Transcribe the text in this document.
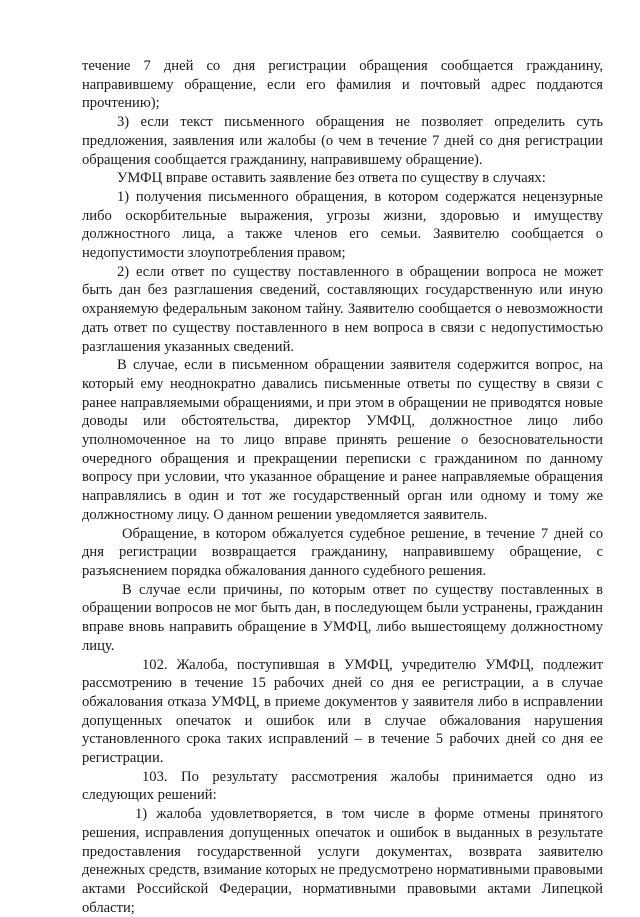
течение 7 дней со дня регистрации обращения сообщается гражданину, направившему обращение, если его фамилия и почтовый адрес поддаются прочтению);

3) если текст письменного обращения не позволяет определить суть предложения, заявления или жалобы (о чем в течение 7 дней со дня регистрации обращения сообщается гражданину, направившему обращение).

УМФЦ вправе оставить заявление без ответа по существу в случаях:

1) получения письменного обращения, в котором содержатся нецензурные либо оскорбительные выражения, угрозы жизни, здоровью и имуществу должностного лица, а также членов его семьи. Заявителю сообщается о недопустимости злоупотребления правом;

2) если ответ по существу поставленного в обращении вопроса не может быть дан без разглашения сведений, составляющих государственную или иную охраняемую федеральным законом тайну. Заявителю сообщается о невозможности дать ответ по существу поставленного в нем вопроса в связи с недопустимостью разглашения указанных сведений.

В случае, если в письменном обращении заявителя содержится вопрос, на который ему неоднократно давались письменные ответы по существу в связи с ранее направляемыми обращениями, и при этом в обращении не приводятся новые доводы или обстоятельства, директор УМФЦ, должностное лицо либо уполномоченное на то лицо вправе принять решение о безосновательности очередного обращения и прекращении переписки с гражданином по данному вопросу при условии, что указанное обращение и ранее направляемые обращения направлялись в один и тот же государственный орган или одному и тому же должностному лицу. О данном решении уведомляется заявитель.

Обращение, в котором обжалуется судебное решение, в течение 7 дней со дня регистрации возвращается гражданину, направившему обращение, с разъяснением порядка обжалования данного судебного решения.

В случае если причины, по которым ответ по существу поставленных в обращении вопросов не мог быть дан, в последующем были устранены, гражданин вправе вновь направить обращение в УМФЦ, либо вышестоящему должностному лицу.

102. Жалоба, поступившая в УМФЦ, учредителю УМФЦ, подлежит рассмотрению в течение 15 рабочих дней со дня ее регистрации, а в случае обжалования отказа УМФЦ, в приеме документов у заявителя либо в исправлении допущенных опечаток и ошибок или в случае обжалования нарушения установленного срока таких исправлений – в течение 5 рабочих дней со дня ее регистрации.

103. По результату рассмотрения жалобы принимается одно из следующих решений:

1) жалоба удовлетворяется, в том числе в форме отмены принятого решения, исправления допущенных опечаток и ошибок в выданных в результате предоставления государственной услуги документах, возврата заявителю денежных средств, взимание которых не предусмотрено нормативными правовыми актами Российской Федерации, нормативными правовыми актами Липецкой области;
